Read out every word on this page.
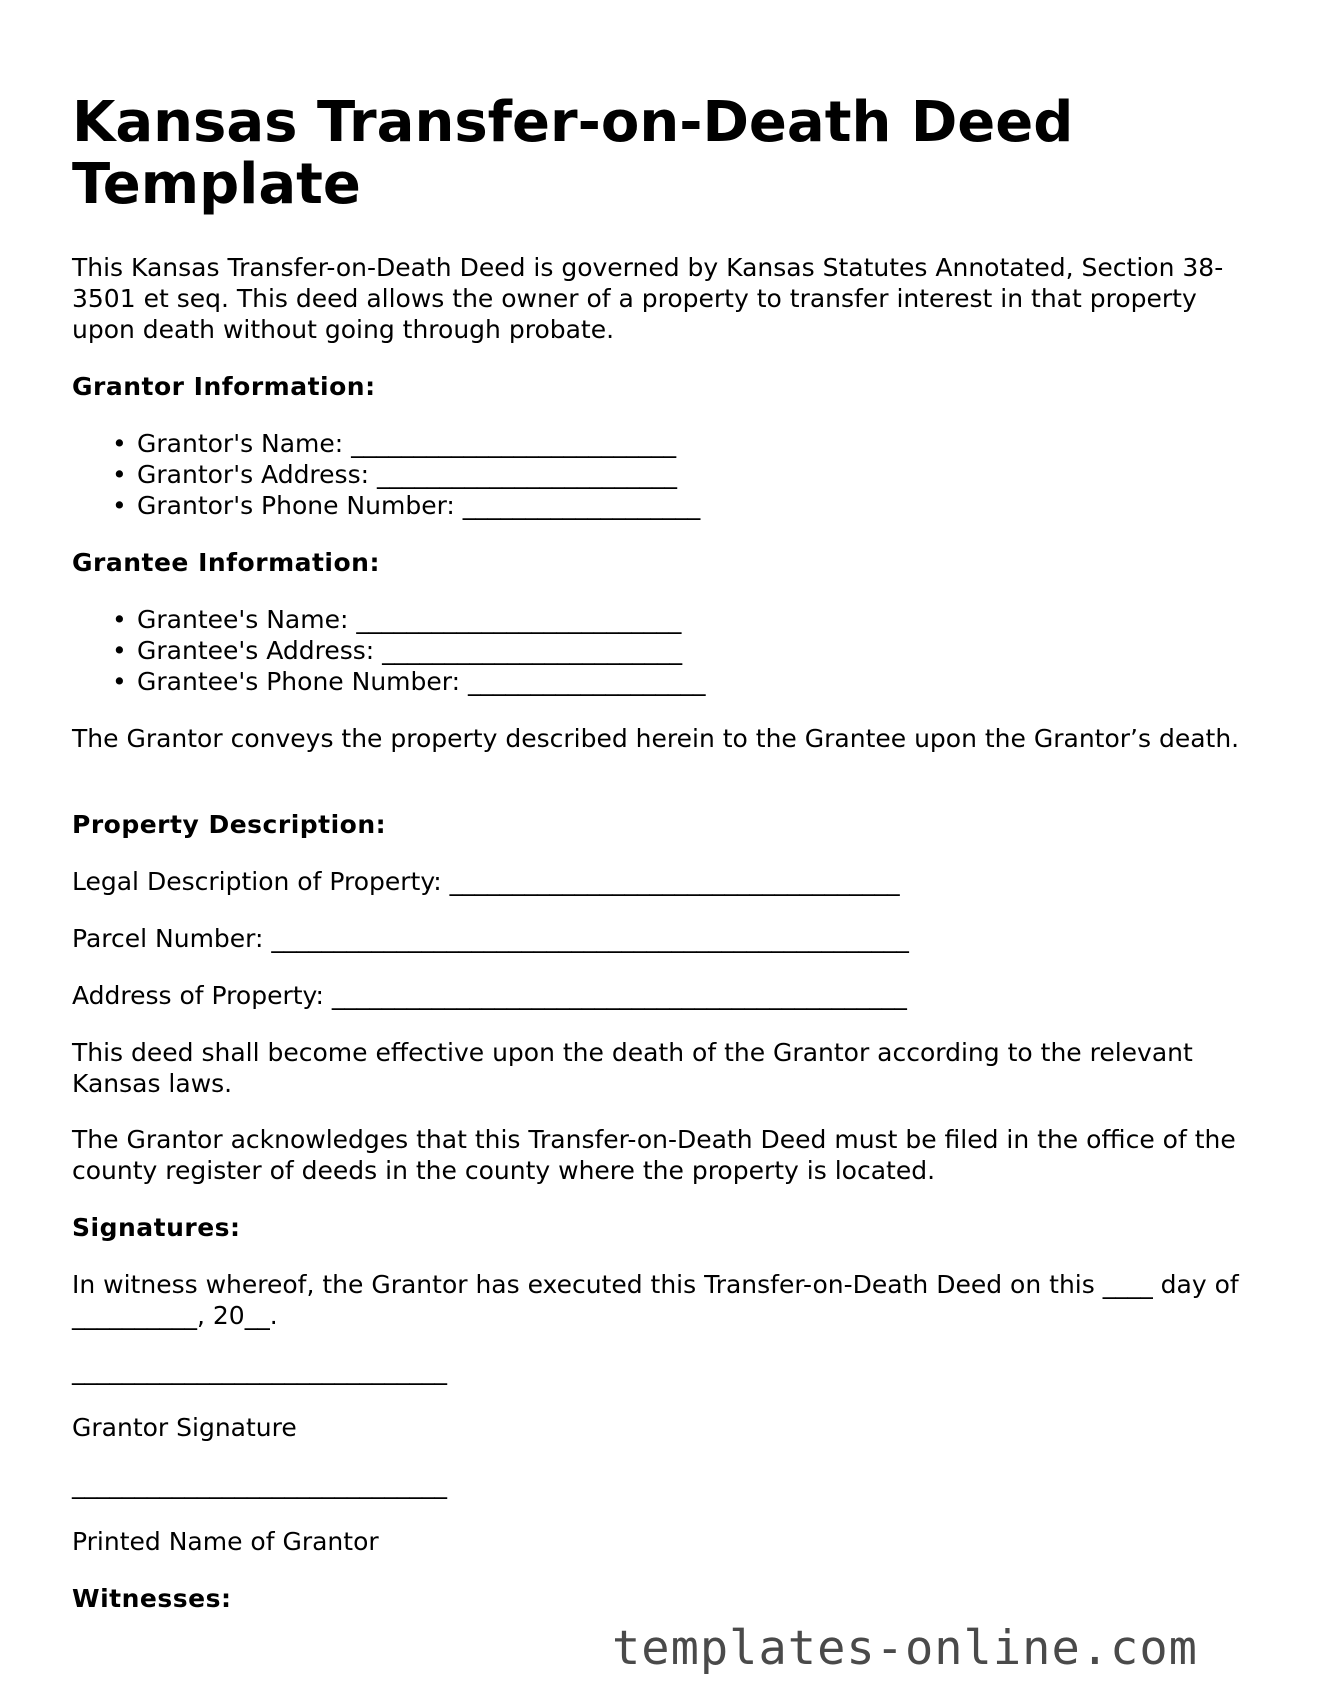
Kansas Transfer-on-Death Deed Template

This Kansas Transfer-on-Death Deed is governed by Kansas Statutes Annotated, Section 38-3501 et seq. This deed allows the owner of a property to transfer interest in that property upon death without going through probate.

Grantor Information:

• Grantor's Name: __________________________
• Grantor's Address: ________________________
• Grantor's Phone Number: ___________________

Grantee Information:

• Grantee's Name: __________________________
• Grantee's Address: ________________________
• Grantee's Phone Number: ___________________

The Grantor conveys the property described herein to the Grantee upon the Grantor’s death.

Property Description:

Legal Description of Property: ____________________________________

Parcel Number: ___________________________________________________

Address of Property: ______________________________________________

This deed shall become effective upon the death of the Grantor according to the relevant Kansas laws.

The Grantor acknowledges that this Transfer-on-Death Deed must be filed in the office of the county register of deeds in the county where the property is located.

Signatures:

In witness whereof, the Grantor has executed this Transfer-on-Death Deed on this ____ day of __________, 20__.

______________________________

Grantor Signature

______________________________

Printed Name of Grantor

Witnesses:

templates-online.com
